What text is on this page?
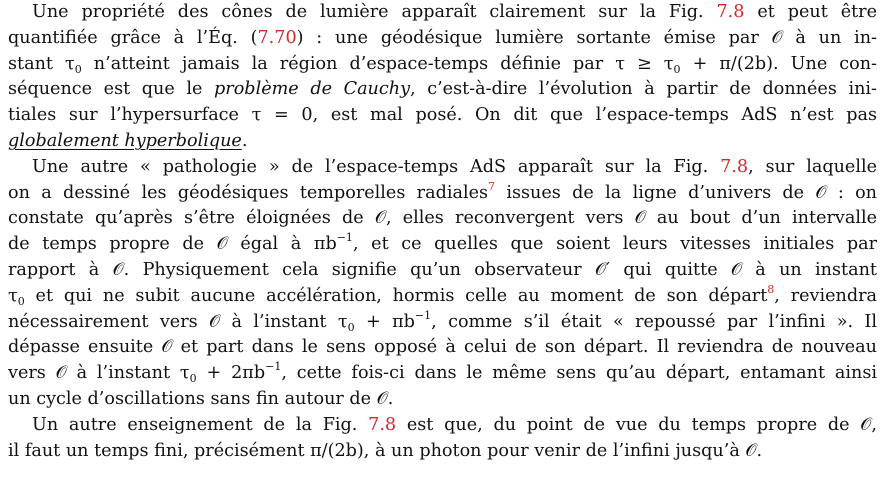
Une propriété des cônes de lumière apparaît clairement sur la Fig. 7.8 et peut être
quantifiée grâce à l’Éq. (7.70) : une géodésique lumière sortante émise par 𝒪 à un in-
stant $\tau_0$ n’atteint jamais la région d’espace-temps définie par $\tau \ge \tau_0 + \pi/(2b)$. Une con-
séquence est que le problème de Cauchy, c’est-à-dire l’évolution à partir de données ini-
tiales sur l’hypersurface τ = 0, est mal posé. On dit que l’espace-temps AdS n’est pas
globalement hyperbolique.
Une autre « pathologie » de l’espace-temps AdS apparaît sur la Fig. 7.8, sur laquelle
on a dessiné les géodésiques temporelles radiales$^7$ issues de la ligne d’univers de 𝒪 : on
constate qu’après s’être éloignées de 𝒪, elles reconvergent vers 𝒪 au bout d’un intervalle
de temps propre de 𝒪 égal à $\pi b^{-1}$, et ce quelles que soient leurs vitesses initiales par
rapport à 𝒪. Physiquement cela signifie qu’un observateur 𝒪′ qui quitte 𝒪 à un instant
$\tau_0$ et qui ne subit aucune accélération, hormis celle au moment de son départ$^8$, reviendra
nécessairement vers 𝒪 à l’instant $\tau_0 + \pi b^{-1}$, comme s’il était « repoussé par l’infini ». Il
dépasse ensuite 𝒪 et part dans le sens opposé à celui de son départ. Il reviendra de nouveau
vers 𝒪 à l’instant $\tau_0 + 2\pi b^{-1}$, cette fois-ci dans le même sens qu’au départ, entamant ainsi
un cycle d’oscillations sans fin autour de 𝒪.
Un autre enseignement de la Fig. 7.8 est que, du point de vue du temps propre de 𝒪,
il faut un temps fini, précisément π/(2b), à un photon pour venir de l’infini jusqu’à 𝒪.
